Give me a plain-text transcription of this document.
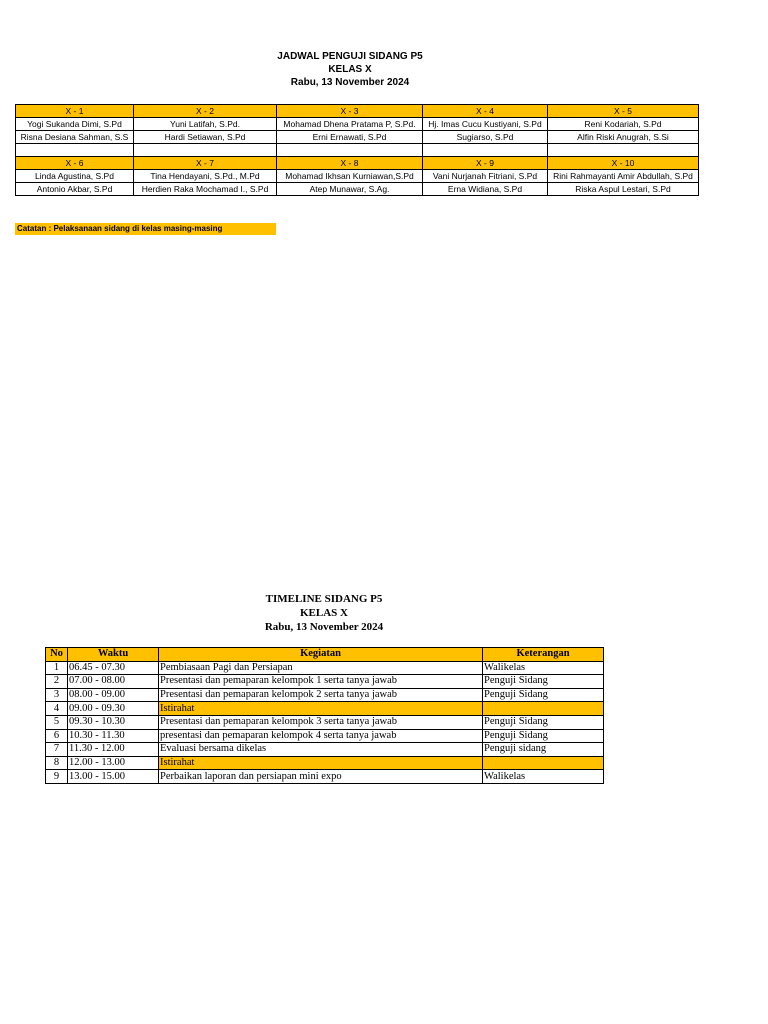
JADWAL PENGUJI SIDANG P5
KELAS X
Rabu, 13 November 2024
X - 1	X - 2	X - 3	X - 4	X - 5
Yogi Sukanda Dimi, S.Pd	Yuni Latifah, S.Pd.	Mohamad Dhena Pratama P, S.Pd.	Hj. Imas Cucu Kustiyani, S.Pd	Reni Kodariah, S.Pd
Risna Desiana Sahman, S.S	Hardi Setiawan, S.Pd	Erni Ernawati, S.Pd	Sugiarso, S.Pd	Alfin Riski Anugrah, S.Si

X - 6	X - 7	X - 8	X - 9	X - 10
Linda Agustina, S.Pd	Tina Hendayani, S.Pd., M.Pd	Mohamad Ikhsan Kurniawan,S.Pd	Vani Nurjanah Fitriani, S.Pd	Rini Rahmayanti Amir Abdullah, S.Pd
Antonio Akbar, S.Pd	Herdien Raka Mochamad I., S.Pd	Atep Munawar, S.Ag.	Erna Widiana, S.Pd	Riska Aspul Lestari, S.Pd
Catatan : Pelaksanaan sidang di kelas masing-masing
TIMELINE SIDANG P5
KELAS X
Rabu, 13 November 2024
No	Waktu	Kegiatan	Keterangan
1	06.45 - 07.30	Pembiasaan Pagi dan Persiapan	Walikelas
2	07.00 - 08.00	Presentasi dan pemaparan kelompok 1 serta tanya jawab	Penguji Sidang
3	08.00 - 09.00	Presentasi dan pemaparan kelompok 2 serta tanya jawab	Penguji Sidang
4	09.00 - 09.30	Istirahat	
5	09.30 - 10.30	Presentasi dan pemaparan kelompok 3 serta tanya jawab	Penguji Sidang
6	10.30 - 11.30	presentasi dan pemaparan kelompok 4 serta tanya jawab	Penguji Sidang
7	11.30 - 12.00	Evaluasi bersama dikelas	Penguji sidang
8	12.00 - 13.00	Istirahat	
9	13.00 - 15.00	Perbaikan laporan dan persiapan mini expo	Walikelas
